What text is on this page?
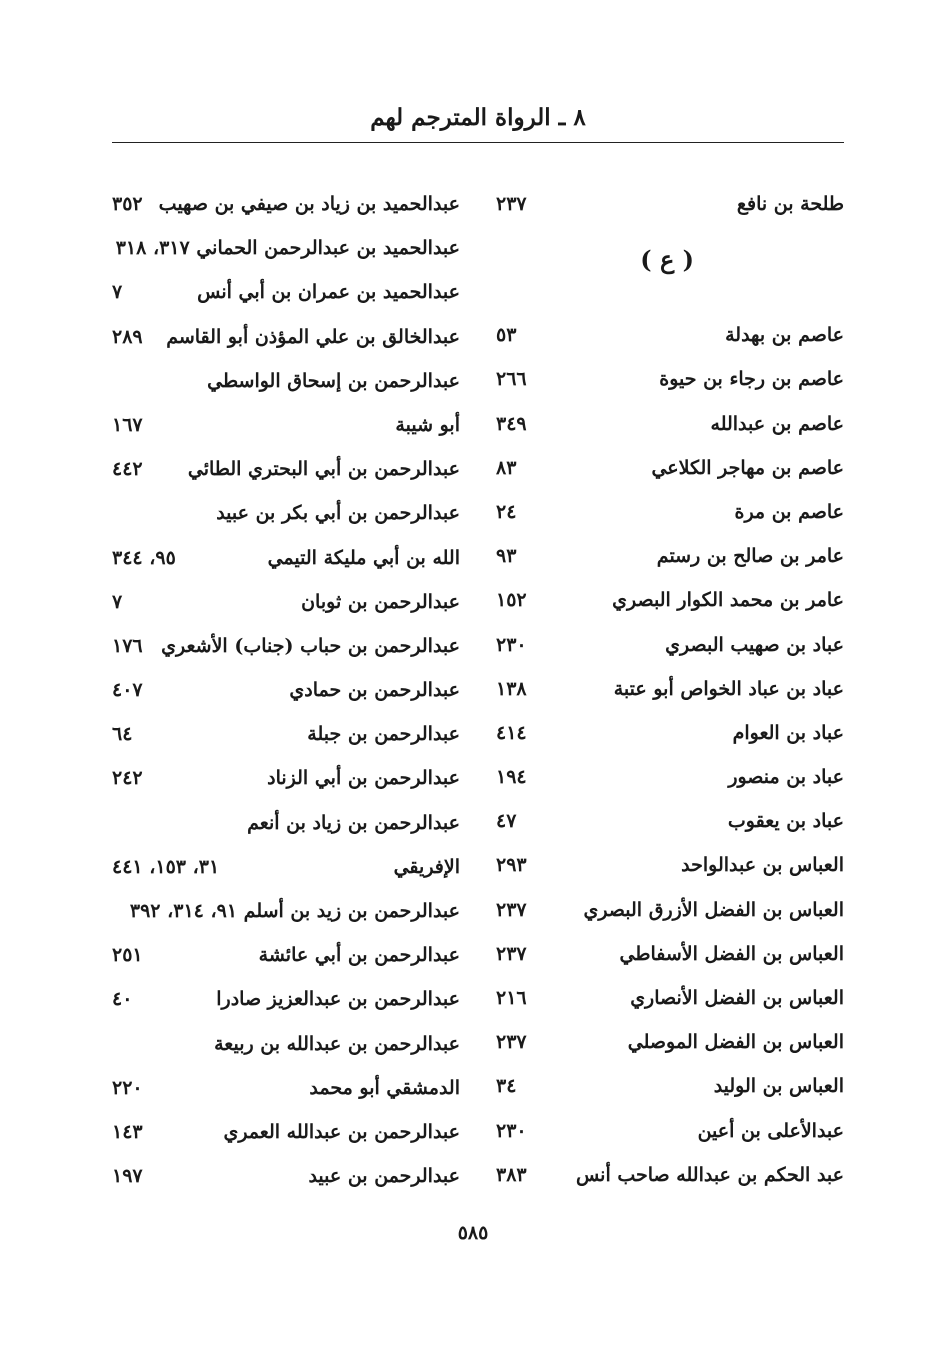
٨ ـ الرواة المترجم لهم
طلحة بن نافع
٢٣٧
( ع )
عاصم بن بهدلة
٥٣
عاصم بن رجاء بن حيوة
٢٦٦
عاصم بن عبدالله
٣٤٩
عاصم بن مهاجر الكلاعي
٨٣
عاصم بن مرة
٢٤
عامر بن صالح بن رستم
٩٣
عامر بن محمد الكوار البصري
١٥٢
عباد بن صهيب البصري
٢٣٠
عباد بن عباد الخواص أبو عتبة
١٣٨
عباد بن العوام
٤١٤
عباد بن منصور
١٩٤
عباد بن يعقوب
٤٧
العباس بن عبدالواحد
٢٩٣
العباس بن الفضل الأزرق البصري
٢٣٧
العباس بن الفضل الأسفاطي
٢٣٧
العباس بن الفضل الأنصاري
٢١٦
العباس بن الفضل الموصلي
٢٣٧
العباس بن الوليد
٣٤
عبدالأعلى بن أعين
٢٣٠
عبد الحكم بن عبدالله صاحب أنس
٣٨٣
عبدالحميد بن زياد بن صيفي بن صهيب
٣٥٢
عبدالحميد بن عبدالرحمن الحماني ٣١٧، ٣١٨
عبدالحميد بن عمران بن أبي أنس
٧
عبدالخالق بن علي المؤذن أبو القاسم
٢٨٩
عبدالرحمن بن إسحاق الواسطي
أبو شيبة
١٦٧
عبدالرحمن بن أبي البحتري الطائي
٤٤٢
عبدالرحمن بن أبي بكر بن عبيد
الله بن أبي مليكة التيمي
٩٥، ٣٤٤
عبدالرحمن بن ثوبان
٧
عبدالرحمن بن حباب (جناب) الأشعري
١٧٦
عبدالرحمن بن حمادي
٤٠٧
عبدالرحمن بن جبلة
٦٤
عبدالرحمن بن أبي الزناد
٢٤٢
عبدالرحمن بن زياد بن أنعم
الإفريقي
٣١، ١٥٣، ٤٤١
عبدالرحمن بن زيد بن أسلم ٩١، ٣١٤، ٣٩٢
عبدالرحمن بن أبي عائشة
٢٥١
عبدالرحمن بن عبدالعزيز صادرا
٤٠
عبدالرحمن بن عبدالله بن ربيعة
الدمشقي أبو محمد
٢٢٠
عبدالرحمن بن عبدالله العمري
١٤٣
عبدالرحمن بن عبيد
١٩٧
٥٨٥
